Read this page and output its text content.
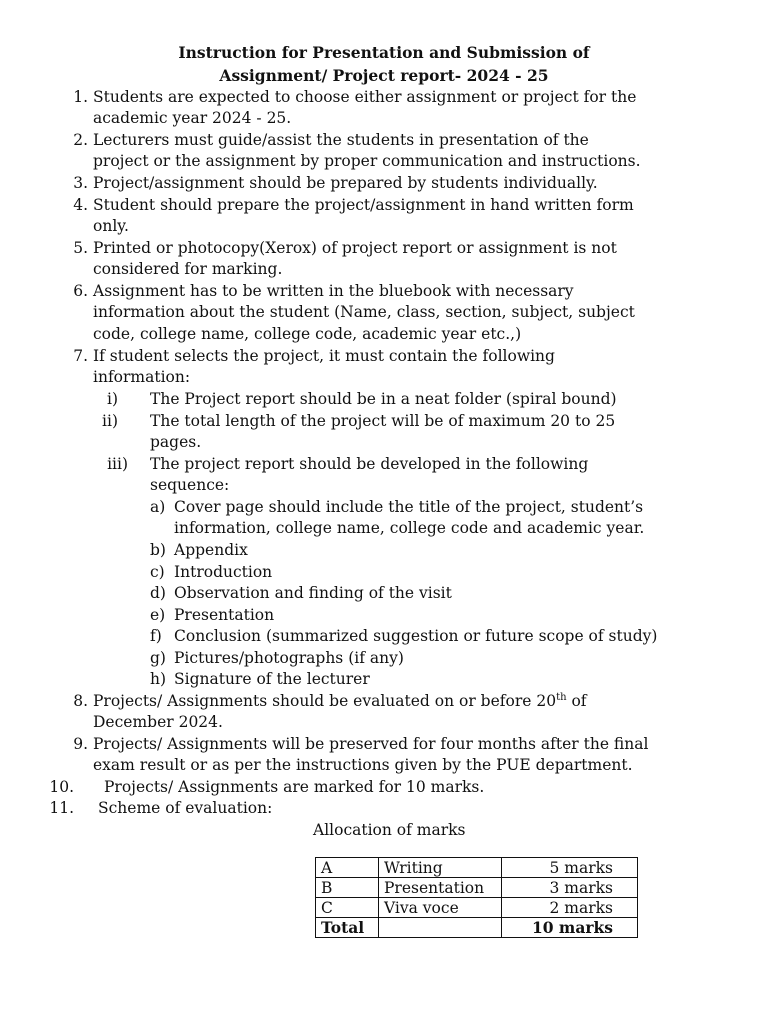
Instruction for Presentation and Submission of
Assignment/ Project report- 2024 - 25
1. Students are expected to choose either assignment or project for the
academic year 2024 - 25.
2. Lecturers must guide/assist the students in presentation of the
project or the assignment by proper communication and instructions.
3. Project/assignment should be prepared by students individually.
4. Student should prepare the project/assignment in hand written form
only.
5. Printed or photocopy(Xerox) of project report or assignment is not
considered for marking.
6. Assignment has to be written in the bluebook with necessary
information about the student (Name, class, section, subject, subject
code, college name, college code, academic year etc.,)
7. If student selects the project, it must contain the following
information:
i) The Project report should be in a neat folder (spiral bound)
ii) The total length of the project will be of maximum 20 to 25
pages.
iii) The project report should be developed in the following
sequence:
a) Cover page should include the title of the project, student’s
information, college name, college code and academic year.
b) Appendix
c) Introduction
d) Observation and finding of the visit
e) Presentation
f) Conclusion (summarized suggestion or future scope of study)
g) Pictures/photographs (if any)
h) Signature of the lecturer
8. Projects/ Assignments should be evaluated on or before 20th of
December 2024.
9. Projects/ Assignments will be preserved for four months after the final
exam result or as per the instructions given by the PUE department.
10. Projects/ Assignments are marked for 10 marks.
11. Scheme of evaluation:
Allocation of marks
A	Writing	5 marks
B	Presentation	3 marks
C	Viva voce	2 marks
Total		10 marks
